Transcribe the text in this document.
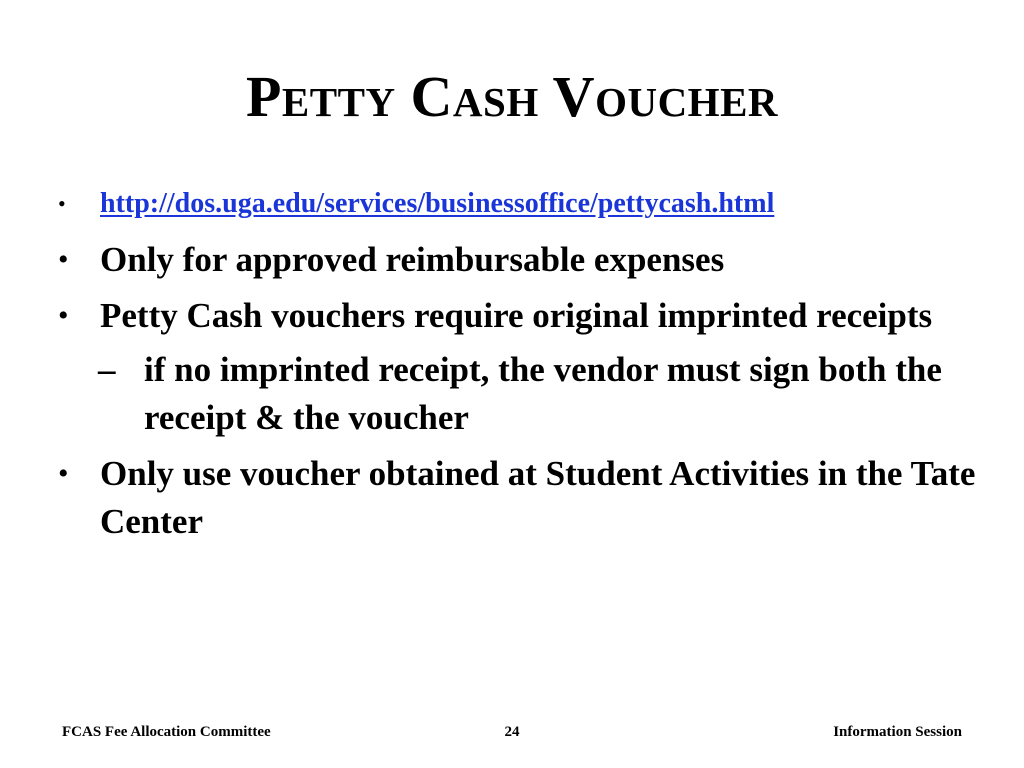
Petty Cash Voucher
• http://dos.uga.edu/services/businessoffice/pettycash.html
• Only for approved reimbursable expenses
• Petty Cash vouchers require original imprinted receipts
– if no imprinted receipt, the vendor must sign both the receipt & the voucher
• Only use voucher obtained at Student Activities in the Tate Center
FCAS Fee Allocation Committee	24	Information Session
